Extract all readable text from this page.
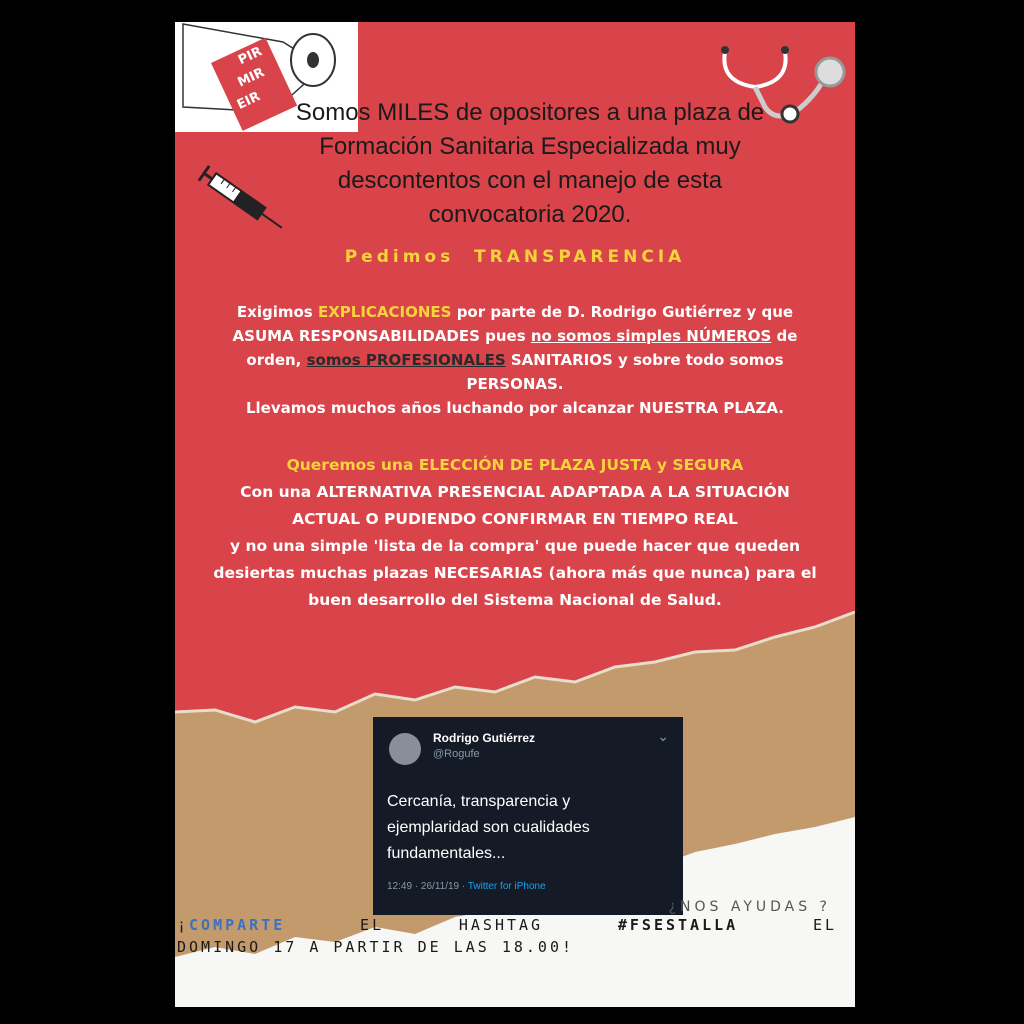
PIR
MIR
EIR	Somos MILES de opositores a una plaza de
Formación Sanitaria Especializada muy
descontentos con el manejo de esta
convocatoria 2020.
Pedimos  TRANSPARENCIA
Exigimos EXPLICACIONES por parte de D. Rodrigo Gutiérrez y que
ASUMA RESPONSABILIDADES pues no somos simples NÚMEROS de
orden, somos PROFESIONALES SANITARIOS y sobre todo somos
PERSONAS.
Llevamos muchos años luchando por alcanzar NUESTRA PLAZA.
Queremos una ELECCIÓN DE PLAZA JUSTA y SEGURA
Con una ALTERNATIVA PRESENCIAL ADAPTADA A LA SITUACIÓN
ACTUAL O PUDIENDO CONFIRMAR EN TIEMPO REAL
y no una simple 'lista de la compra' que puede hacer que queden
desiertas muchas plazas NECESARIAS (ahora más que nunca) para el
buen desarrollo del Sistema Nacional de Salud.
Rodrigo Gutiérrez
@Rogufe
⌄
Cercanía, transparencia y
ejemplaridad son cualidades
fundamentales...
12:49 · 26/11/19 · Twitter for iPhone
¿NOS AYUDAS ?
¡COMPARTE	EL	HASHTAG	#FSESTALLA	EL
DOMINGO 17 A PARTIR DE LAS 18.00!
